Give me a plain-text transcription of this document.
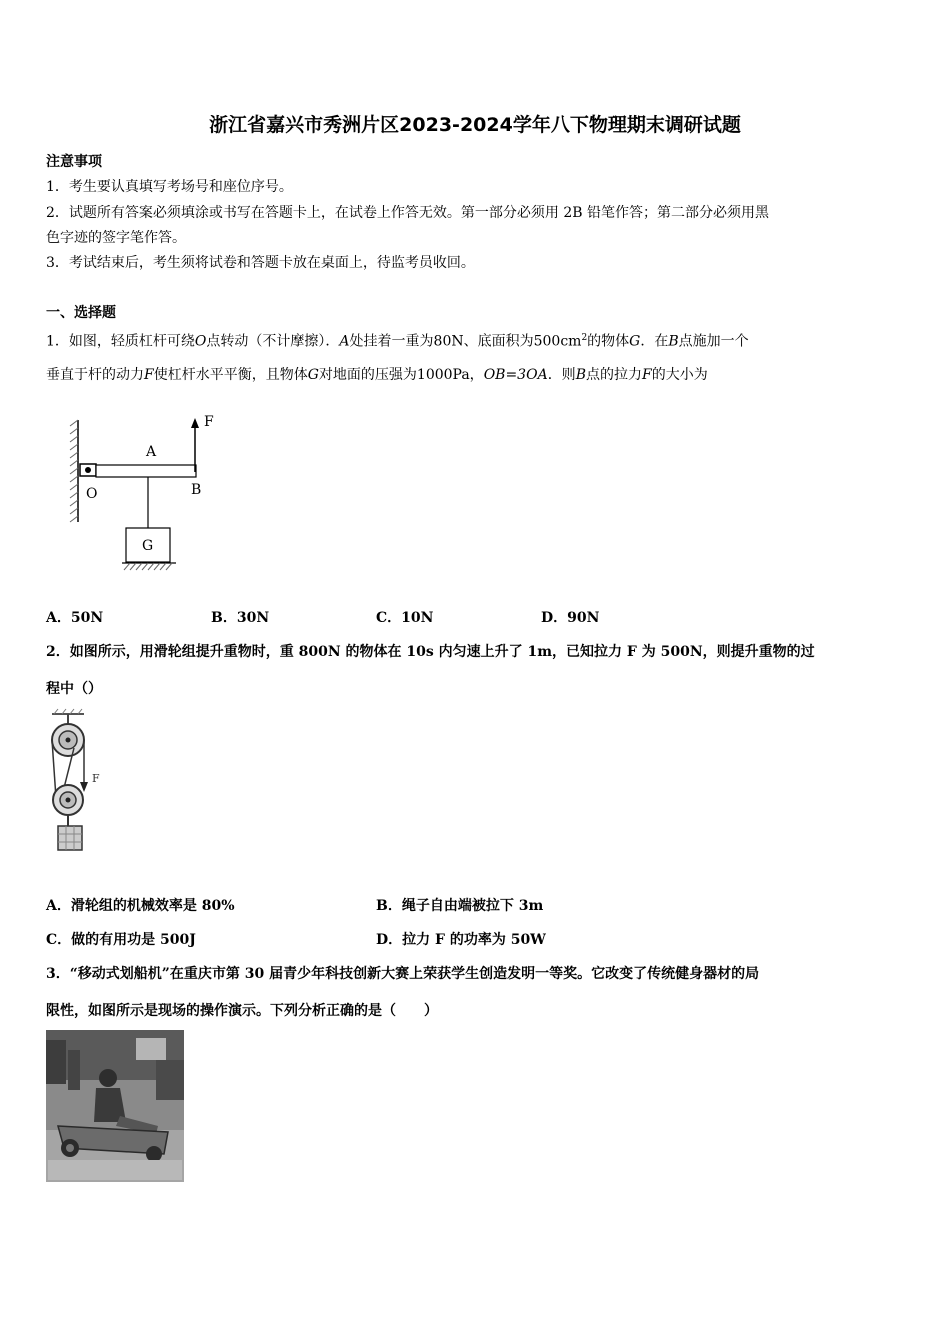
浙江省嘉兴市秀洲片区2023-2024学年八下物理期末调研试题
注意事项
1．考生要认真填写考场号和座位序号。
2．试题所有答案必须填涂或书写在答题卡上，在试卷上作答无效。第一部分必须用 2B 铅笔作答；第二部分必须用黑
色字迹的签字笔作答。
3．考试结束后，考生须将试卷和答题卡放在桌面上，待监考员收回。
一、选择题
1．如图，轻质杠杆可绕O点转动（不计摩擦）．A处挂着一重为80N、底面积为$500cm^2$的物体G．在B点施加一个
垂直于杆的动力F使杠杆水平平衡，且物体G对地面的压强为1000Pa，OB=3OA．则B点的拉力F的大小为
F
A
O	B
G
A．50N	B．30N	C．10N	D．90N
2．如图所示，用滑轮组提升重物时，重 800N 的物体在 10s 内匀速上升了 1m，已知拉力 F 为 500N，则提升重物的过
程中（）
F
A．滑轮组的机械效率是 80%	B．绳子自由端被拉下 3m
C．做的有用功是 500J	D．拉力 F 的功率为 50W
3．“移动式划船机”在重庆市第 30 届青少年科技创新大赛上荣获学生创造发明一等奖。它改变了传统健身器材的局
限性，如图所示是现场的操作演示。下列分析正确的是（　　）
